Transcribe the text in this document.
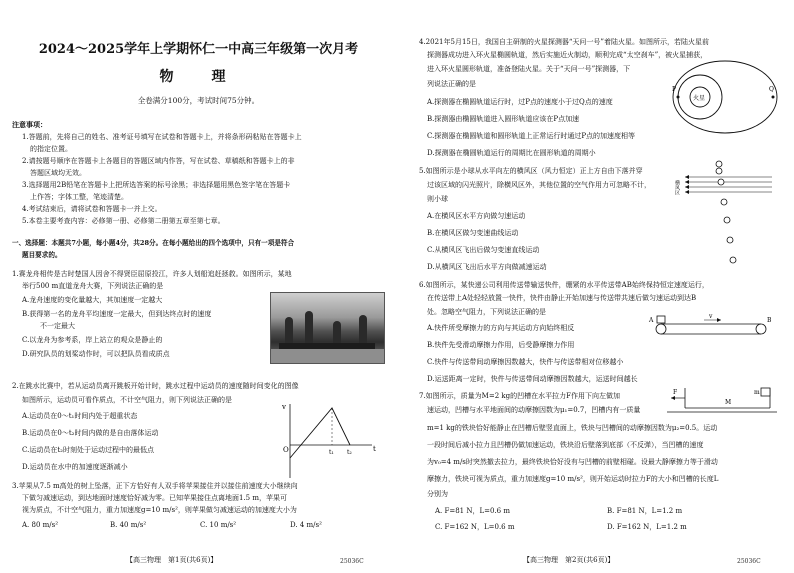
2024～2025学年上学期怀仁一中高三年级第一次月考
物　理
全卷满分100分，考试时间75分钟。
注意事项：
1.答题前，先将自己的姓名、准考证号填写在试卷和答题卡上，并将条形码粘贴在答题卡上
的指定位置。
2.请按题号顺序在答题卡上各题目的答题区域内作答，写在试卷、草稿纸和答题卡上的非
答题区域均无效。
3.选择题用2B铅笔在答题卡上把所选答案的标号涂黑；非选择题用黑色签字笔在答题卡
上作答；字体工整，笔迹清楚。
4.考试结束后，请将试卷和答题卡一并上交。
5.本卷主要考查内容：必修第一册、必修第二册第五章至第七章。
一、选择题：本题共7小题，每小题4分，共28分。在每小题给出的四个选项中，只有一项是符合
题目要求的。
1.赛龙舟相传是古时楚国人因舍不得贤臣屈原投江，许多人划船追赶拯救。如图所示，某地
举行500 m直道龙舟大赛，下列说法正确的是
A.龙舟速度的变化量越大，其加速度一定越大
B.获得第一名的龙舟平均速度一定最大，但到达终点时的速度
不一定最大
C.以龙舟为参考系，岸上站立的观众是静止的
D.研究队员的划桨动作时，可以把队员看成质点
2.在跳水比赛中，若从运动员离开跳板开始计时，跳水过程中运动员的速度随时间变化的图像
如图所示，运动员可看作质点，不计空气阻力，则下列说法正确的是
A.运动员在0～t₁时间内处于超重状态
B.运动员在0～t₂时间内做的是自由落体运动
C.运动员在t₂时刻处于运动过程中的最低点
D.运动员在水中的加速度逐渐减小
v
t
O	t₁ t₂
3.苹果从7.5 m高处的树上坠落，正下方恰好有人双手将苹果接住并以接住前速度大小继续向
下做匀减速运动，到达地面时速度恰好减为零。已知苹果接住点离地面1.5 m，苹果可
视为质点，不计空气阻力，重力加速度g=10 m/s²，则苹果做匀减速运动的加速度大小为
A. 80 m/s²	B. 40 m/s²	C. 10 m/s²	D. 4 m/s²
【高三物理　第1页(共6页)】	25036C
4.2021年5月15日，我国自主研制的火星探测器“天问一号”着陆火星。如图所示，若陆火星前
探测器成功进入环火星椭圆轨道，然后实施近火制动，顺利完成“太空刹车”，被火星捕获，
进入环火星圆形轨道，准备登陆火星。关于“天问一号”探测器，下
列说法正确的是
A.探测器在椭圆轨道运行时，过P点的速度小于过Q点的速度
B.探测器由椭圆轨道进入圆形轨道应该在P点加速
C.探测器在椭圆轨道和圆形轨道上正常运行时通过P点的加速度相等
D.探测器在椭圆轨道运行的周期比在圆形轨道的周期小
火星
Q
P
5.如图所示是小球从水平向左的横风区（风力恒定）正上方自由下落并穿
过该区域的闪光照片，除横风区外，其他位置的空气作用力可忽略不计，
则小球
A.在横风区水平方向做匀速运动
B.在横风区做匀变速曲线运动
C.从横风区飞出后做匀变速直线运动
D.从横风区飞出后水平方向做减速运动
横风区
6.如图所示，某快递公司利用传送带输送快件，绷紧的水平传送带AB始终保持恒定速度运行，
在传送带上A处轻轻放置一快件，快件由静止开始加速与传送带共速后做匀速运动到达B
处。忽略空气阻力，下列说法正确的是
A.快件所受摩擦力的方向与其运动方向始终相反
B.快件先受滑动摩擦力作用，后受静摩擦力作用
C.快件与传送带间动摩擦因数越大，快件与传送带相对位移越小
D.运送距离一定时，快件与传送带间动摩擦因数越大，运送时间越长
A	B
v
7.如图所示，质量为M=2 kg的凹槽在水平拉力F作用下向左做加
速运动，凹槽与水平地面间的动摩擦因数为μ₁=0.7，凹槽内有一质量
m=1 kg的铁块恰好能静止在凹槽后壁竖直面上，铁块与凹槽间的动摩擦因数为μ₂=0.5。运动
一段时间后减小拉力且凹槽仍做加速运动，铁块沿后壁落到底部（不反弹），当凹槽的速度
为v₀=4 m/s时突然撤去拉力，最终铁块恰好没有与凹槽的前壁相碰。设最大静摩擦力等于滑动
摩擦力，铁块可视为质点，重力加速度g=10 m/s²，则开始运动时拉力F的大小和凹槽的长度L
分别为
A. F=81 N，L=0.6 m	B. F=81 N，L=1.2 m
C. F=162 N，L=0.6 m	D. F=162 N，L=1.2 m
F	m
M
【高三物理　第2页(共6页)】	25036C
